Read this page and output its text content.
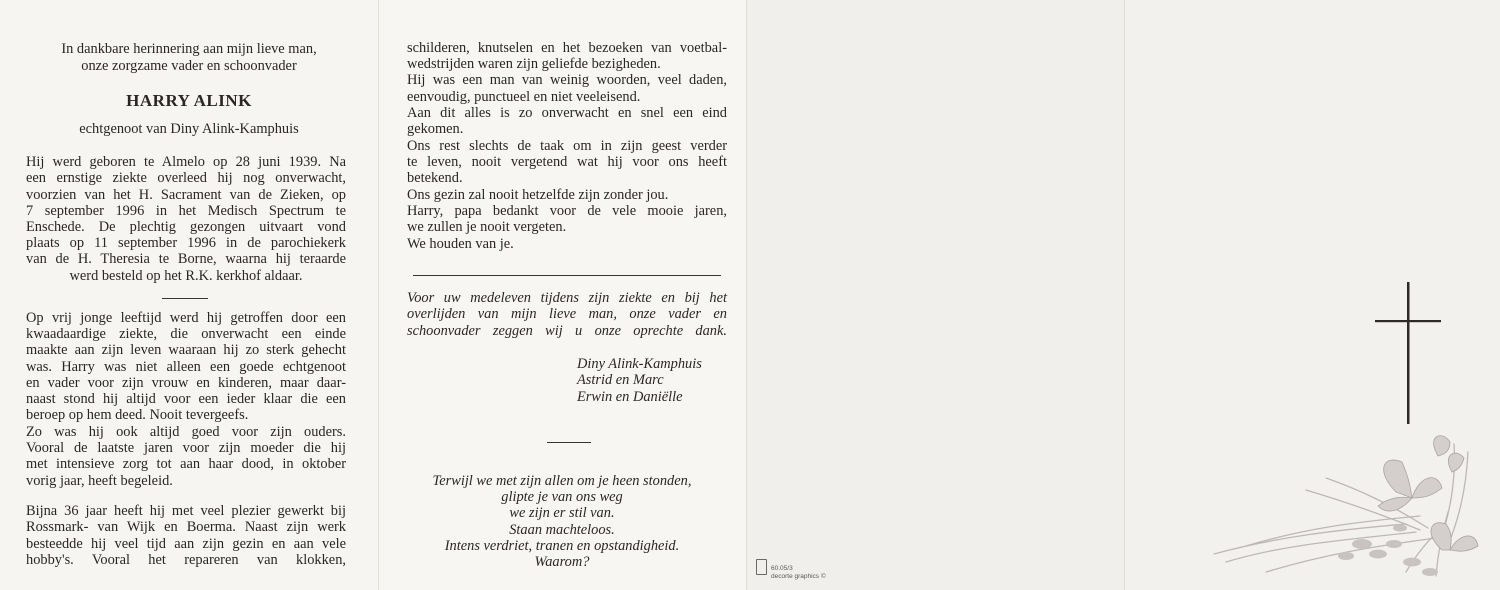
In dankbare herinnering aan mijn lieve man,
onze zorgzame vader en schoonvader
HARRY ALINK
echtgenoot van Diny Alink-Kamphuis
Hij werd geboren te Almelo op 28 juni 1939. Na
een ernstige ziekte overleed hij nog onverwacht,
voorzien van het H. Sacrament van de Zieken, op
7 september 1996 in het Medisch Spectrum te
Enschede. De plechtig gezongen uitvaart vond
plaats op 11 september 1996 in de parochiekerk
van de H. Theresia te Borne, waarna hij teraarde
werd besteld op het R.K. kerkhof aldaar.
Op vrij jonge leeftijd werd hij getroffen door een
kwaadaardige ziekte, die onverwacht een einde
maakte aan zijn leven waaraan hij zo sterk gehecht
was. Harry was niet alleen een goede echtgenoot
en vader voor zijn vrouw en kinderen, maar daar-
naast stond hij altijd voor een ieder klaar die een
beroep op hem deed. Nooit tevergeefs.
Zo was hij ook altijd goed voor zijn ouders.
Vooral de laatste jaren voor zijn moeder die hij
met intensieve zorg tot aan haar dood, in oktober
vorig jaar, heeft begeleid.
Bijna 36 jaar heeft hij met veel plezier gewerkt bij
Rossmark- van Wijk en Boerma. Naast zijn werk
besteedde hij veel tijd aan zijn gezin en aan vele
hobby's. Vooral het repareren van klokken,
schilderen, knutselen en het bezoeken van voetbal-
wedstrijden waren zijn geliefde bezigheden.
Hij was een man van weinig woorden, veel daden,
eenvoudig, punctueel en niet veeleisend.
Aan dit alles is zo onverwacht en snel een eind
gekomen.
Ons rest slechts de taak om in zijn geest verder
te leven, nooit vergetend wat hij voor ons heeft
betekend.
Ons gezin zal nooit hetzelfde zijn zonder jou.
Harry, papa bedankt voor de vele mooie jaren,
we zullen je nooit vergeten.
We houden van je.
Voor uw medeleven tijdens zijn ziekte en bij het
overlijden van mijn lieve man, onze vader en
schoonvader zeggen wij u onze oprechte dank.
Diny Alink-Kamphuis
Astrid en Marc
Erwin en Daniëlle
Terwijl we met zijn allen om je heen stonden,
glipte je van ons weg
we zijn er stil van.
Staan machteloos.
Intens verdriet, tranen en opstandigheid.
Waarom?	60.05/3
decorte graphics ©
